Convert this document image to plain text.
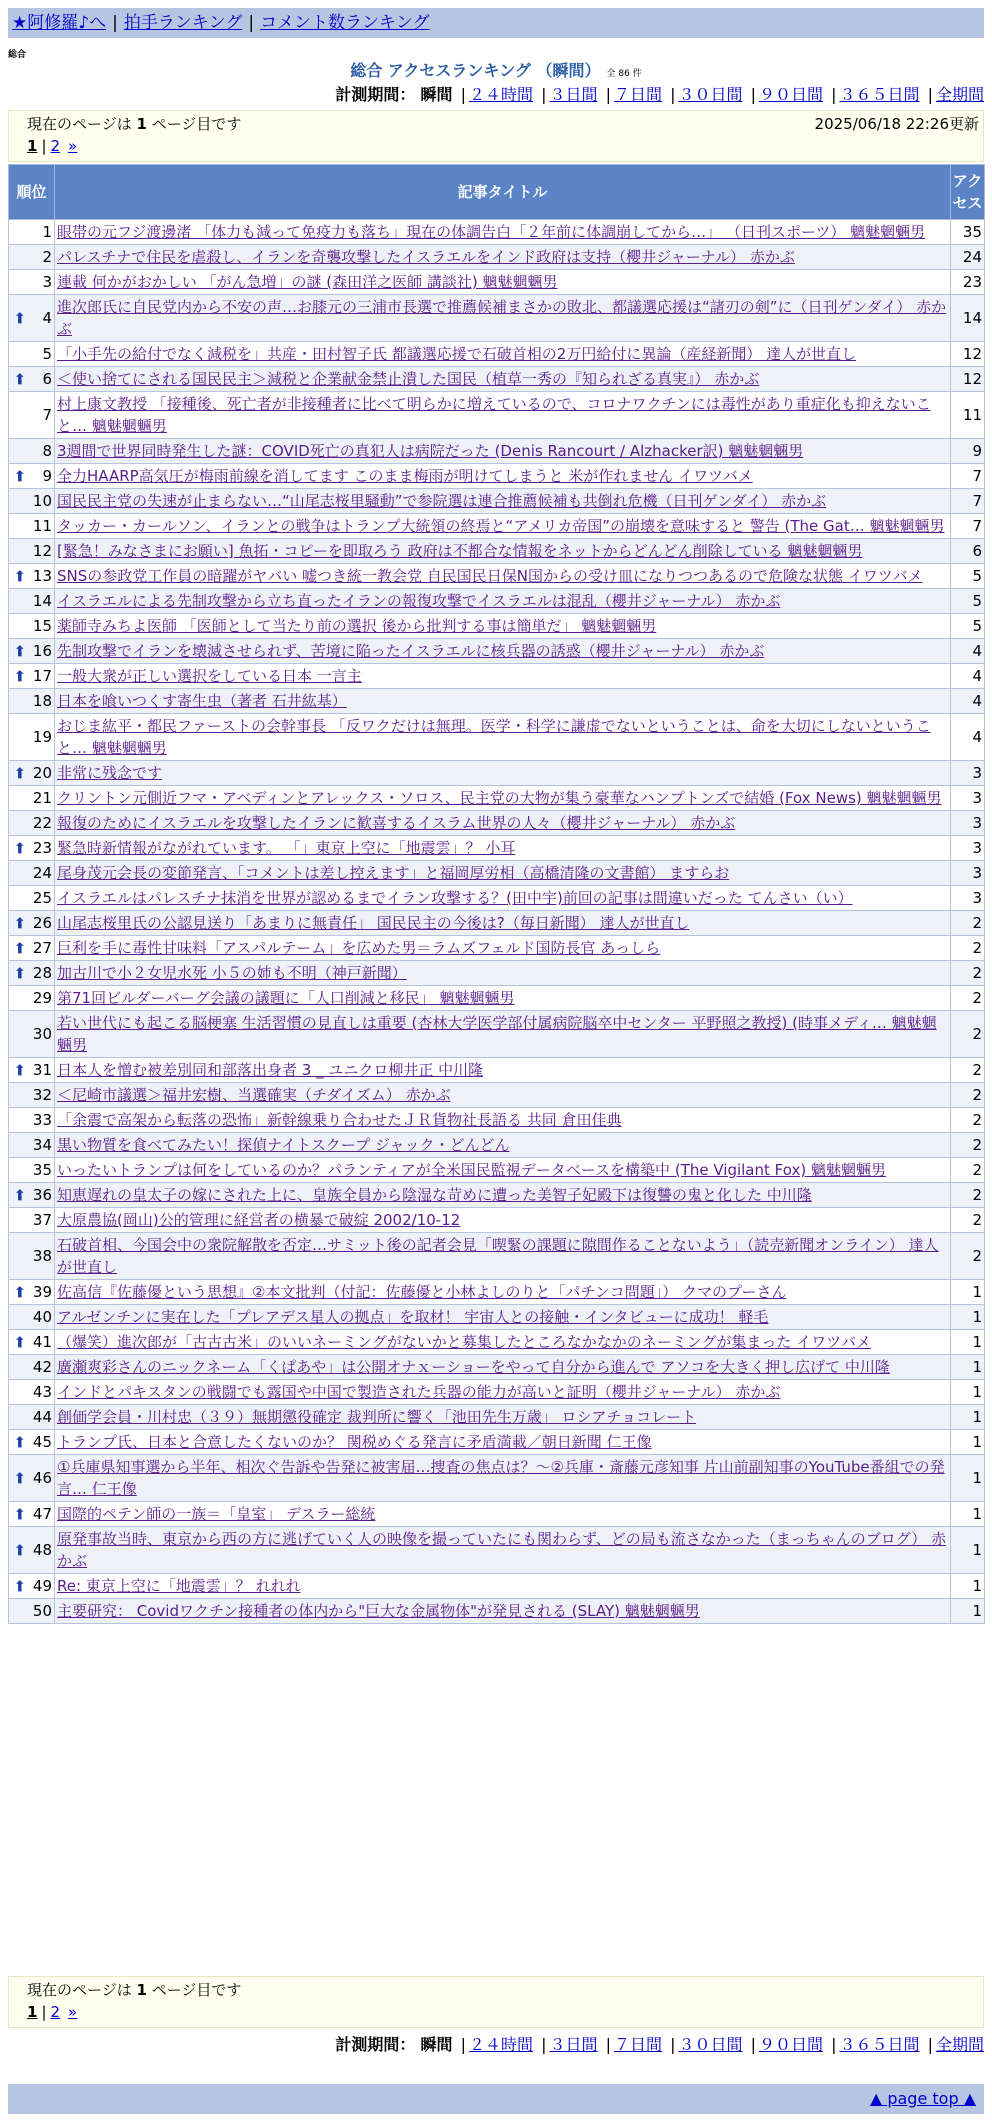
★阿修羅♪へ | 拍手ランキング | コメント数ランキング
総合
総合 アクセスランキング （瞬間） 全 86 件
計測期間： 瞬間 | ２４時間 | ３日間 | ７日間 | ３０日間 | ９０日間 | ３６５日間 | 全期間
現在のページは 1 ページ目です	2025/06/18 22:26更新
1 | 2 »
順位	記事タイトル	アクセス
1	眼帯の元フジ渡邊渚 「体力も減って免疫力も落ち」現在の体調告白「２年前に体調崩してから…」 （日刊スポーツ） 魑魅魍魎男	35
2	パレスチナで住民を虐殺し、イランを奇襲攻撃したイスラエルをインド政府は支持（櫻井ジャーナル） 赤かぶ	24
3	連載 何かがおかしい 「がん急増」の謎 (森田洋之医師 講談社) 魑魅魍魎男	23

➡ 4	進次郎氏に自民党内から不安の声…お膝元の三浦市長選で推薦候補まさかの敗北、都議選応援は“諸刃の剣”に（日刊ゲンダイ） 赤かぶ	14
5	「小手先の給付でなく減税を」共産・田村智子氏 都議選応援で石破首相の2万円給付に異論（産経新聞） 達人が世直し	12

➡ 6	＜使い捨てにされる国民民主＞減税と企業献金禁止潰した国民（植草一秀の『知られざる真実』） 赤かぶ	12
7	村上康文教授 「接種後、死亡者が非接種者に比べて明らかに増えているので、コロナワクチンには毒性があり重症化も抑えないこと… 魑魅魍魎男	11
8	3週間で世界同時発生した謎：COVID死亡の真犯人は病院だった (Denis Rancourt / Alzhacker訳) 魑魅魍魎男	9

➡ 9	全力HAARP高気圧が梅雨前線を消してます このまま梅雨が明けてしまうと 米が作れません イワツバメ	7
10	国民民主党の失速が止まらない…“山尾志桜里騒動”で参院選は連合推薦候補も共倒れ危機（日刊ゲンダイ） 赤かぶ	7
11	タッカー・カールソン、イランとの戦争はトランプ大統領の終焉と“アメリカ帝国”の崩壊を意味すると 警告 (The Gat… 魑魅魍魎男	7
12	[緊急！みなさまにお願い] 魚拓・コピーを即取ろう 政府は不都合な情報をネットからどんどん削除している 魑魅魍魎男	6

➡ 13	SNSの参政党工作員の暗躍がヤバい 嘘つき統一教会党 自民国民日保N国からの受け皿になりつつあるので危険な状態 イワツバメ	5
14	イスラエルによる先制攻撃から立ち直ったイランの報復攻撃でイスラエルは混乱（櫻井ジャーナル） 赤かぶ	5
15	薬師寺みちよ医師 「医師として当たり前の選択 後から批判する事は簡単だ」 魑魅魍魎男	5

➡ 16	先制攻撃でイランを壊滅させられず、苦境に陥ったイスラエルに核兵器の誘惑（櫻井ジャーナル） 赤かぶ	4

➡ 17	一般大衆が正しい選択をしている日本 一言主	4
18	日本を喰いつくす寄生虫（著者 石井紘基）	4
19	おじま紘平・都民ファーストの会幹事長 「反ワクだけは無理。医学・科学に謙虚でないということは、命を大切にしないということ… 魑魅魍魎男	4

➡ 20	非常に残念です	3
21	クリントン元側近フマ・アベディンとアレックス・ソロス、民主党の大物が集う豪華なハンプトンズで結婚 (Fox News) 魑魅魍魎男	3
22	報復のためにイスラエルを攻撃したイランに歓喜するイスラム世界の人々（櫻井ジャーナル） 赤かぶ	3

➡ 23	緊急時新情報がながれています。 「」東京上空に「地震雲」？ 小耳	3
24	尾身茂元会長の変節発言、「コメントは差し控えます」と福岡厚労相（高橋清隆の文書館） ますらお	3
25	イスラエルはパレスチナ抹消を世界が認めるまでイラン攻撃する？(田中宇)前回の記事は間違いだった てんさい（い）	3

➡ 26	山尾志桜里氏の公認見送り「あまりに無責任」 国民民主の今後は?（毎日新聞） 達人が世直し	2

➡ 27	巨利を手に毒性甘味料「アスパルテーム」を広めた男＝ラムズフェルド国防長官 あっしら	2

➡ 28	加古川で小２女児水死 小５の姉も不明（神戸新聞）	2
29	第71回ビルダーバーグ会議の議題に「人口削減と移民」 魑魅魍魎男	2
30	若い世代にも起こる脳梗塞 生活習慣の見直しは重要 (杏林大学医学部付属病院脳卒中センター 平野照之教授) (時事メディ… 魑魅魍魎男	2

➡ 31	日本人を憎む被差別同和部落出身者 3 _ ユニクロ柳井正 中川隆	2
32	＜尼崎市議選＞福井宏樹、当選確実（チダイズム） 赤かぶ	2
33	「余震で高架から転落の恐怖」新幹線乗り合わせたＪＲ貨物社長語る 共同 倉田佳典	2
34	黒い物質を食べてみたい！探偵ナイトスクープ ジャック・どんどん	2
35	いったいトランプは何をしているのか？パランティアが全米国民監視データベースを構築中 (The Vigilant Fox) 魑魅魍魎男	2

➡ 36	知恵遅れの皇太子の嫁にされた上に、皇族全員から陰湿な苛めに遭った美智子妃殿下は復讐の鬼と化した 中川隆	2
37	大原農協(岡山)公的管理に経営者の横暴で破綻 2002/10-12	2
38	石破首相、今国会中の衆院解散を否定…サミット後の記者会見「喫緊の課題に隙間作ることないよう」（読売新聞オンライン） 達人が世直し	2

➡ 39	佐高信『佐藤優という思想』②本文批判（付記：佐藤優と小林よしのりと「パチンコ問題」） クマのプーさん	1
40	アルゼンチンに実在した「プレアデス星人の拠点」を取材！ 宇宙人との接触・インタビューに成功！ 軽毛	1

➡ 41	（爆笑）進次郎が「古古古米」のいいネーミングがないかと募集したところなかなかのネーミングが集まった イワツバメ	1
42	廣瀬爽彩さんのニックネーム「くぱあや」は公開オナｘーショーをやって自分から進んで アソコを大きく押し広げて 中川隆	1
43	インドとパキスタンの戦闘でも露国や中国で製造された兵器の能力が高いと証明（櫻井ジャーナル） 赤かぶ	1
44	創価学会員・川村忠（３９）無期懲役確定 裁判所に響く「池田先生万歳」 ロシアチョコレート	1

➡ 45	トランプ氏、日本と合意したくないのか？ 関税めぐる発言に矛盾満載／朝日新聞 仁王像	1

➡ 46	①兵庫県知事選から半年、相次ぐ告訴や告発に被害届…捜査の焦点は？〜②兵庫・斎藤元彦知事 片山前副知事のYouTube番組での発言… 仁王像	1

➡ 47	国際的ペテン師の一族＝「皇室」 デスラー総統	1

➡ 48	原発事故当時、東京から西の方に逃げていく人の映像を撮っていたにも関わらず、どの局も流さなかった（まっちゃんのブログ） 赤かぶ	1

➡ 49	Re: 東京上空に「地震雲」？ れれれ	1
50	主要研究： Covidワクチン接種者の体内から"巨大な金属物体"が発見される (SLAY) 魑魅魍魎男	1
現在のページは 1 ページ目です
1 | 2 »
計測期間： 瞬間 | ２４時間 | ３日間 | ７日間 | ３０日間 | ９０日間 | ３６５日間 | 全期間
▲ page top ▲
